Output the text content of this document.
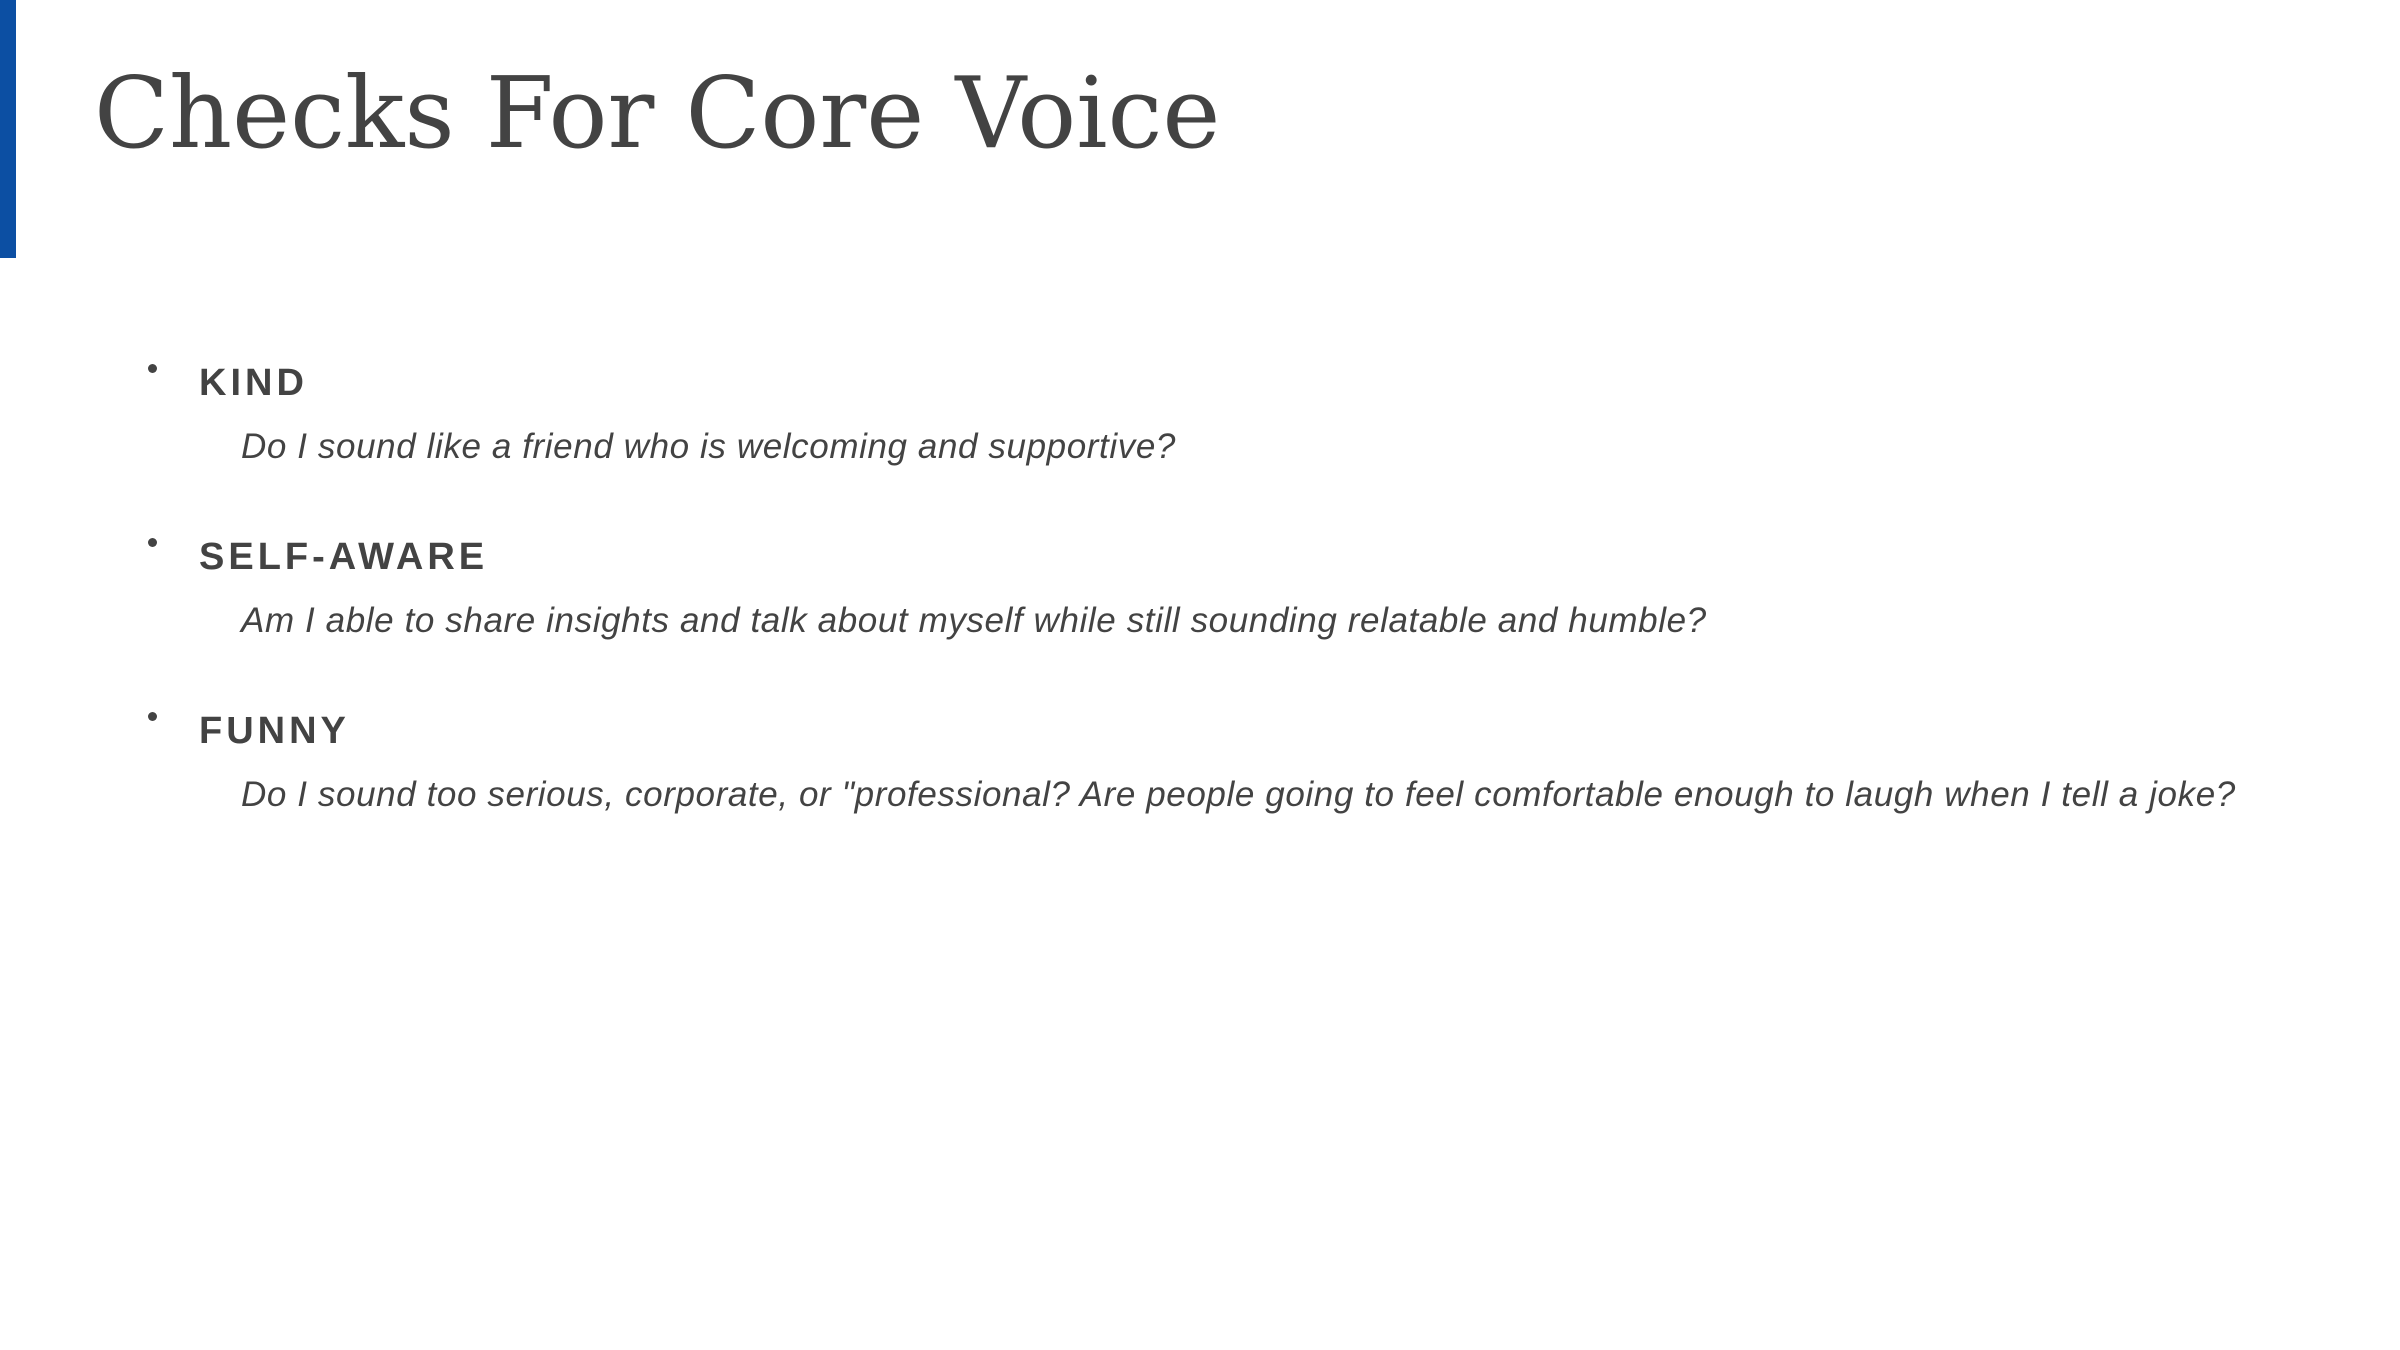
Checks For Core Voice
KIND
Do I sound like a friend who is welcoming and supportive?
SELF-AWARE
Am I able to share insights and talk about myself while still sounding relatable and humble?
FUNNY
Do I sound too serious, corporate, or "professional? Are people going to feel comfortable enough to laugh when I tell a joke?
